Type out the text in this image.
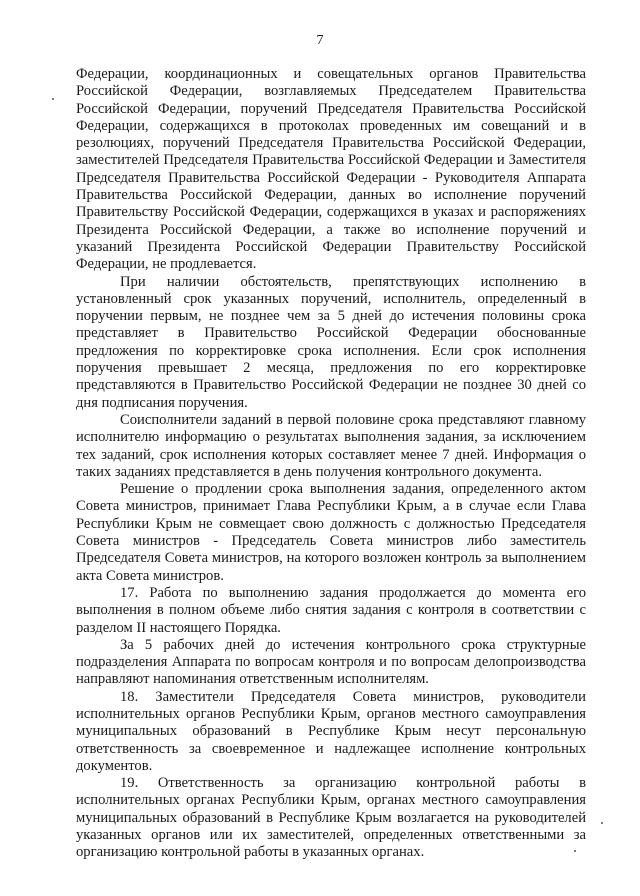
7

Федерации, координационных и совещательных органов Правительства Российской Федерации, возглавляемых Председателем Правительства Российской Федерации, поручений Председателя Правительства Российской Федерации, содержащихся в протоколах проведенных им совещаний и в резолюциях, поручений Председателя Правительства Российской Федерации, заместителей Председателя Правительства Российской Федерации и Заместителя Председателя Правительства Российской Федерации - Руководителя Аппарата Правительства Российской Федерации, данных во исполнение поручений Правительству Российской Федерации, содержащихся в указах и распоряжениях Президента Российской Федерации, а также во исполнение поручений и указаний Президента Российской Федерации Правительству Российской Федерации, не продлевается.

При наличии обстоятельств, препятствующих исполнению в установленный срок указанных поручений, исполнитель, определенный в поручении первым, не позднее чем за 5 дней до истечения половины срока представляет в Правительство Российской Федерации обоснованные предложения по корректировке срока исполнения. Если срок исполнения поручения превышает 2 месяца, предложения по его корректировке представляются в Правительство Российской Федерации не позднее 30 дней со дня подписания поручения.

Соисполнители заданий в первой половине срока представляют главному исполнителю информацию о результатах выполнения задания, за исключением тех заданий, срок исполнения которых составляет менее 7 дней. Информация о таких заданиях представляется в день получения контрольного документа.

Решение о продлении срока выполнения задания, определенного актом Совета министров, принимает Глава Республики Крым, а в случае если Глава Республики Крым не совмещает свою должность с должностью Председателя Совета министров - Председатель Совета министров либо заместитель Председателя Совета министров, на которого возложен контроль за выполнением акта Совета министров.

17. Работа по выполнению задания продолжается до момента его выполнения в полном объеме либо снятия задания с контроля в соответствии с разделом II настоящего Порядка.

За 5 рабочих дней до истечения контрольного срока структурные подразделения Аппарата по вопросам контроля и по вопросам делопроизводства направляют напоминания ответственным исполнителям.

18. Заместители Председателя Совета министров, руководители исполнительных органов Республики Крым, органов местного самоуправления муниципальных образований в Республике Крым несут персональную ответственность за своевременное и надлежащее исполнение контрольных документов.

19. Ответственность за организацию контрольной работы в исполнительных органах Республики Крым, органах местного самоуправления муниципальных образований в Республике Крым возлагается на руководителей указанных органов или их заместителей, определенных ответственными за организацию контрольной работы в указанных органах.
